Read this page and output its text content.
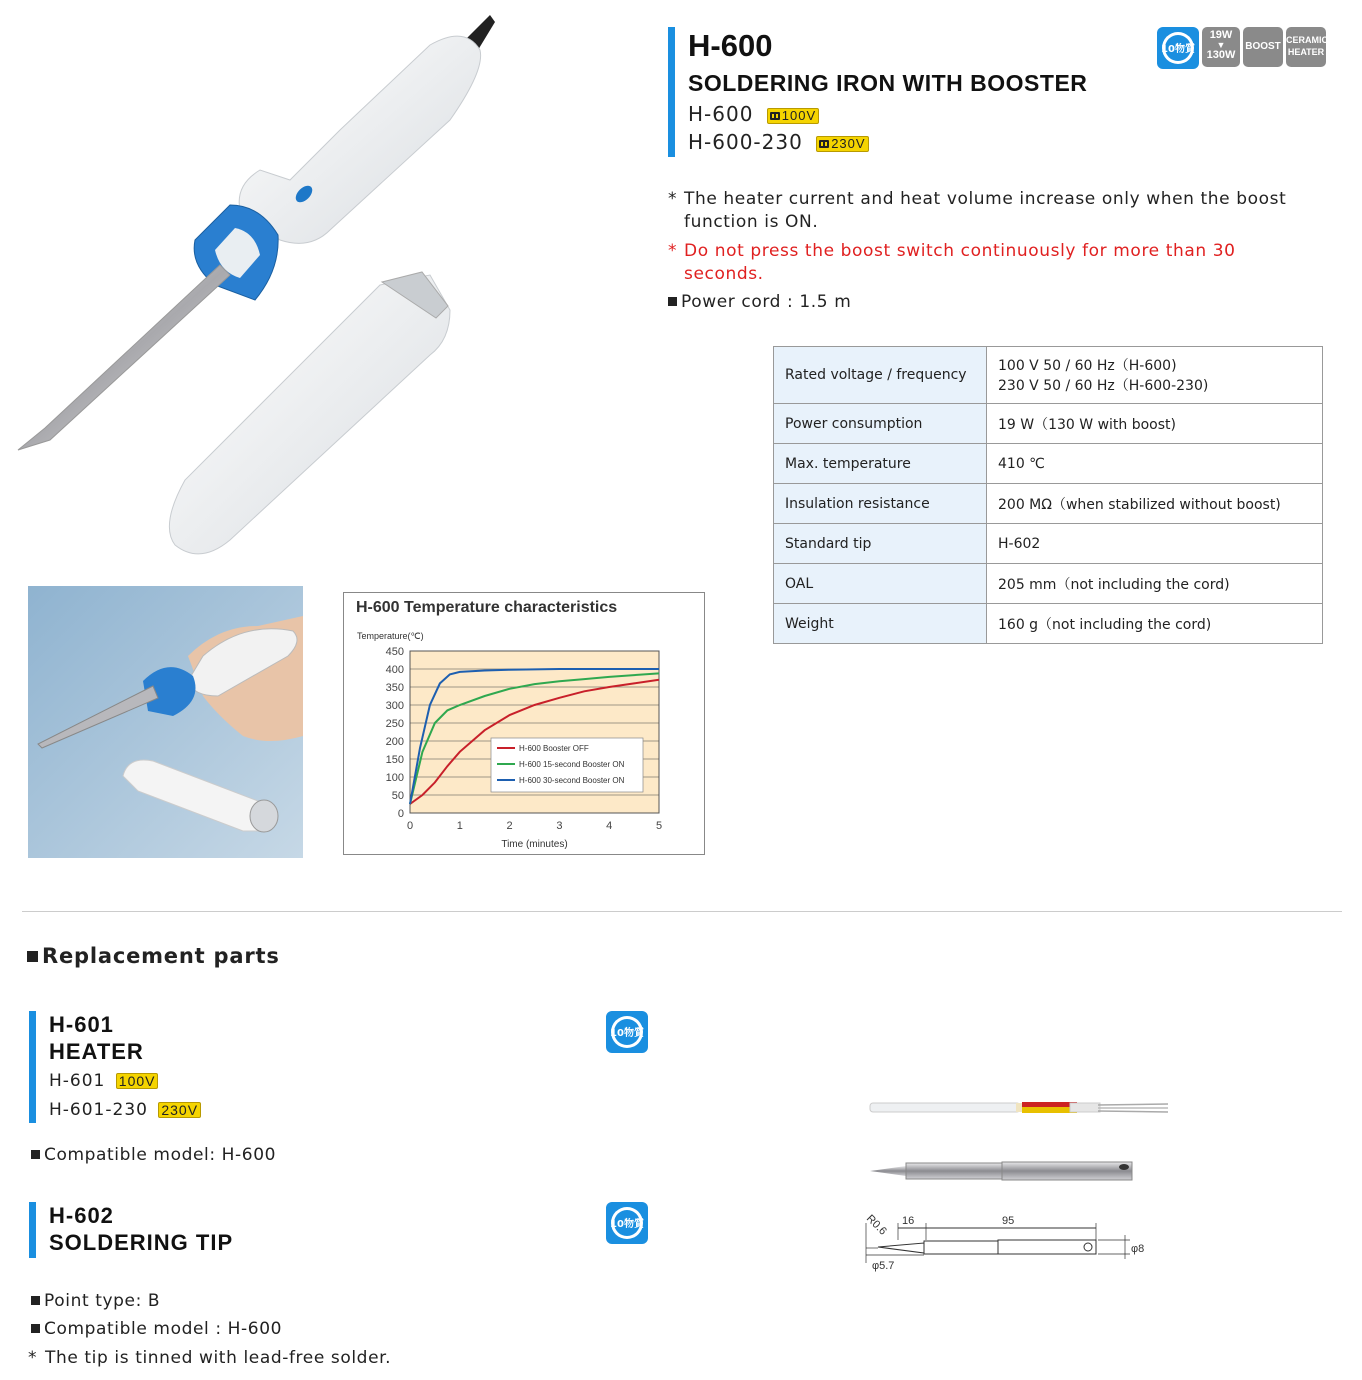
H-600 Temperature characteristics
450
400
350
300
250
200
150
100
50
0
0	1	2	3	4	5
Temperature(℃)
Time (minutes)
H-600 Booster OFF
H-600 15-second Booster ON
H-600 30-second Booster ON
H-600
SOLDERING IRON WITH BOOSTER
H-600 100V
H-600-230 230V
10物質
19W
▼
130W
BOOST
CERAMIC
HEATER
* The heater current and heat volume increase only when the boost function is ON.
* Do not press the boost switch continuously for more than 30 seconds.
Power cord : 1.5 m
Rated voltage / frequency	100 V 50 / 60 Hz（H-600)
230 V 50 / 60 Hz（H-600-230)

Power consumption	19 W（130 W with boost)
Max. temperature	410 ℃
Insulation resistance	200 MΩ（when stabilized without boost)
Standard tip	H-602
OAL	205 mm（not including the cord)
Weight	160 g（not including the cord)
Replacement parts
H-601
HEATER
H-601 100V
H-601-230 230V
10物質
Compatible model: H-600
H-602
SOLDERING TIP
10物質
Point type: B
Compatible model : H-600
* The tip is tinned with lead-free solder.
R0.6 16	95
φ5.7
φ8
